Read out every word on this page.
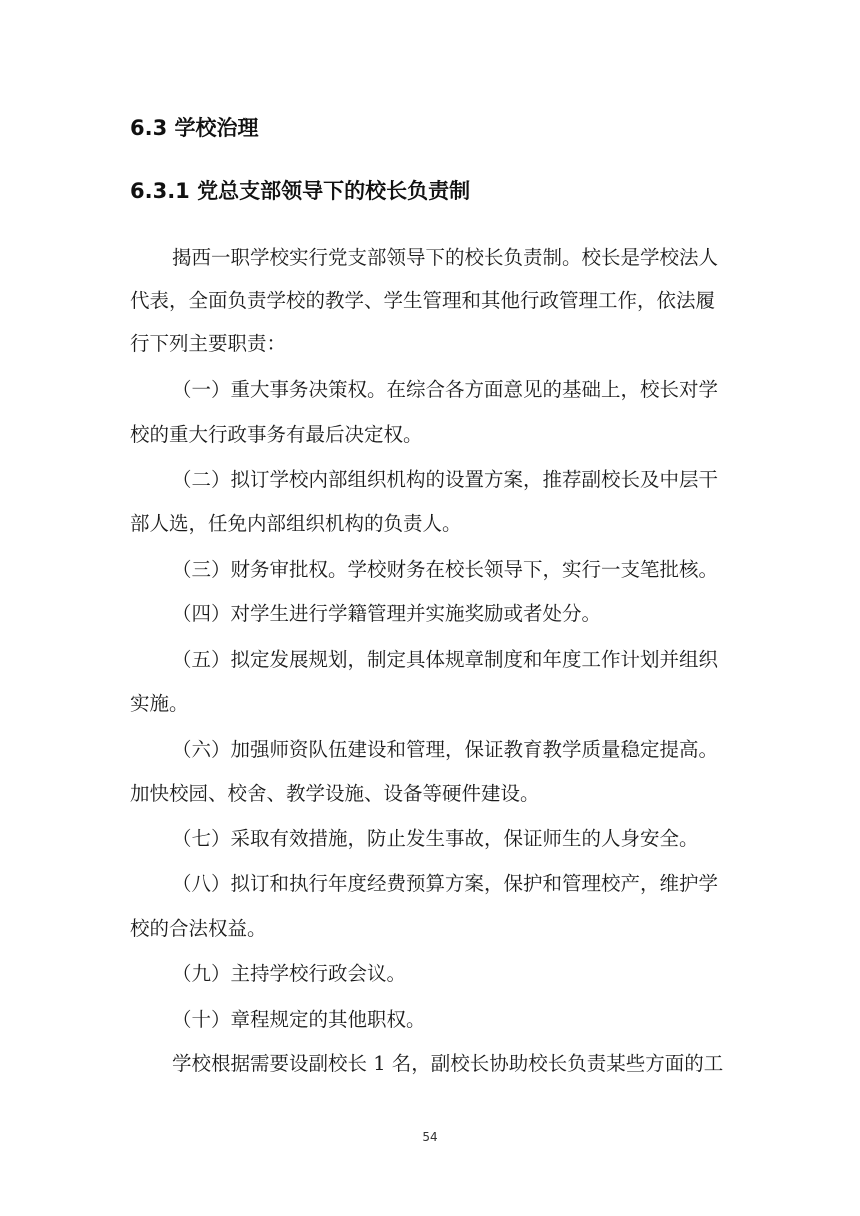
6.3 学校治理
6.3.1 党总支部领导下的校长负责制

揭西一职学校实行党支部领导下的校长负责制。校长是学校法人

代表，全面负责学校的教学、学生管理和其他行政管理工作，依法履

行下列主要职责：

（一）重大事务决策权。在综合各方面意见的基础上，校长对学

校的重大行政事务有最后决定权。

（二）拟订学校内部组织机构的设置方案，推荐副校长及中层干

部人选，任免内部组织机构的负责人。

（三）财务审批权。学校财务在校长领导下，实行一支笔批核。

（四）对学生进行学籍管理并实施奖励或者处分。

（五）拟定发展规划，制定具体规章制度和年度工作计划并组织

实施。

（六）加强师资队伍建设和管理，保证教育教学质量稳定提高。

加快校园、校舍、教学设施、设备等硬件建设。

（七）采取有效措施，防止发生事故，保证师生的人身安全。

（八）拟订和执行年度经费预算方案，保护和管理校产，维护学

校的合法权益。

（九）主持学校行政会议。

（十）章程规定的其他职权。

学校根据需要设副校长 1 名，副校长协助校长负责某些方面的工

54
